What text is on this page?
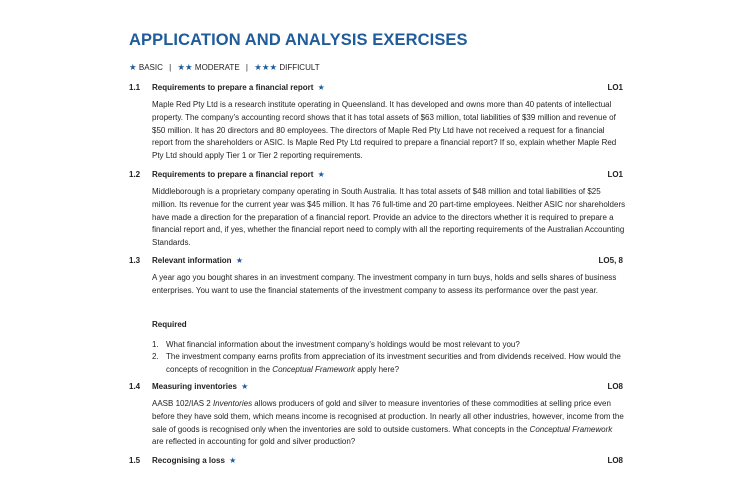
APPLICATION AND ANALYSIS EXERCISES
★ BASIC | ★★ MODERATE | ★★★ DIFFICULT
1.1 Requirements to prepare a financial report ★	LO1
Maple Red Pty Ltd is a research institute operating in Queensland. It has developed and owns more than 40 patents of intellectual property. The company’s accounting record shows that it has total assets of $63 million, total liabilities of $39 million and revenue of $50 million. It has 20 directors and 80 employees. The directors of Maple Red Pty Ltd have not received a request for a financial report from the shareholders or ASIC. Is Maple Red Pty Ltd required to prepare a financial report? If so, explain whether Maple Red Pty Ltd should apply Tier 1 or Tier 2 reporting requirements.
1.2 Requirements to prepare a financial report ★	LO1
Middleborough is a proprietary company operating in South Australia. It has total assets of $48 million and total liabilities of $25 million. Its revenue for the current year was $45 million. It has 76 full-time and 20 part-time employees. Neither ASIC nor shareholders have made a direction for the preparation of a financial report. Provide an advice to the directors whether it is required to prepare a financial report and, if yes, whether the financial report need to comply with all the reporting requirements of the Australian Accounting Standards.
1.3 Relevant information ★	LO5, 8
A year ago you bought shares in an investment company. The investment company in turn buys, holds and sells shares of business enterprises. You want to use the financial statements of the investment company to assess its performance over the past year.
Required
1. What financial information about the investment company’s holdings would be most relevant to you?
2. The investment company earns profits from appreciation of its investment securities and from dividends received. How would the concepts of recognition in the Conceptual Framework apply here?
1.4 Measuring inventories ★	LO8
AASB 102/IAS 2 Inventories allows producers of gold and silver to measure inventories of these commodities at selling price even before they have sold them, which means income is recognised at production. In nearly all other industries, however, income from the sale of goods is recognised only when the inventories are sold to outside customers. What concepts in the Conceptual Framework are reflected in accounting for gold and silver production?
1.5 Recognising a loss ★	LO8
